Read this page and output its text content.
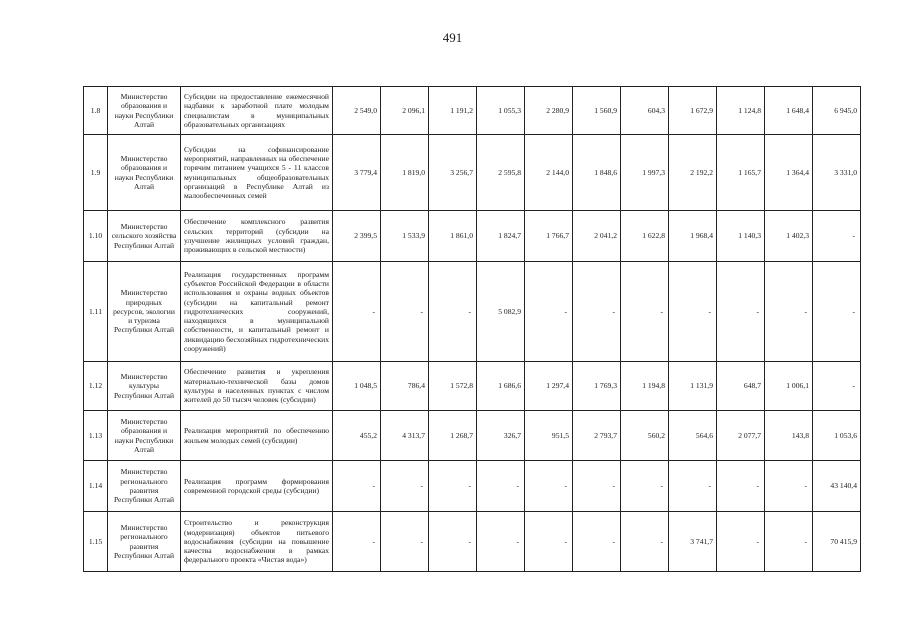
491
1.8	Министерство образования и науки Республики Алтай	Субсидии на предоставление ежемесячной надбавки к заработной плате молодым специалистам в муниципальных образовательных организациях	2 549,0	2 096,1	1 191,2	1 055,3	2 280,9	1 560,9	604,3	1 672,9	1 124,8	1 648,4	6 945,0
1.9	Министерство образования и науки Республики Алтай	Субсидии на софинансирование мероприятий, направленных на обеспечение горячим питанием учащихся 5 - 11 классов муниципальных общеобразовательных организаций в Республике Алтай из малообеспеченных семей	3 779,4	1 819,0	3 256,7	2 595,8	2 144,0	1 848,6	1 997,3	2 192,2	1 165,7	1 364,4	3 331,0
1.10	Министерство сельского хозяйства Республики Алтай	Обеспечение комплексного развития сельских территорий (субсидии на улучшение жилищных условий граждан, проживающих в сельской местности)	2 399,5	1 533,9	1 861,0	1 824,7	1 766,7	2 041,2	1 622,8	1 968,4	1 140,3	1 402,3	-
1.11	Министерство природных ресурсов, экологии и туризма Республики Алтай	Реализация государственных программ субъектов Российской Федерации в области использования и охраны водных объектов (субсидии на капитальный ремонт гидротехнических сооружений, находящихся в муниципальной собственности, и капитальный ремонт и ликвидацию бесхозяйных гидротехнических сооружений)	-	-	-	5 082,9	-	-	-	-	-	-	-
1.12	Министерство культуры Республики Алтай	Обеспечение развития и укрепления материально-технической базы домов культуры в населенных пунктах с числом жителей до 50 тысяч человек (субсидии)	1 048,5	786,4	1 572,8	1 686,6	1 297,4	1 769,3	1 194,8	1 131,9	648,7	1 006,1	-
1.13	Министерство образования и науки Республики Алтай	Реализация мероприятий по обеспечению жильем молодых семей (субсидии)	455,2	4 313,7	1 268,7	326,7	951,5	2 793,7	560,2	564,6	2 077,7	143,8	1 053,6
1.14	Министерство регионального развития Республики Алтай	Реализация программ формирования современной городской среды (субсидии)	-	-	-	-	-	-	-	-	-	-	43 140,4
1.15	Министерство регионального развития Республики Алтай	Строительство и реконструкция (модернизация) объектов питьевого водоснабжения (субсидии на повышение качества водоснабжения в рамках федерального проекта «Чистая вода»)	-	-	-	-	-	-	-	3 741,7	-	-	70 415,9
